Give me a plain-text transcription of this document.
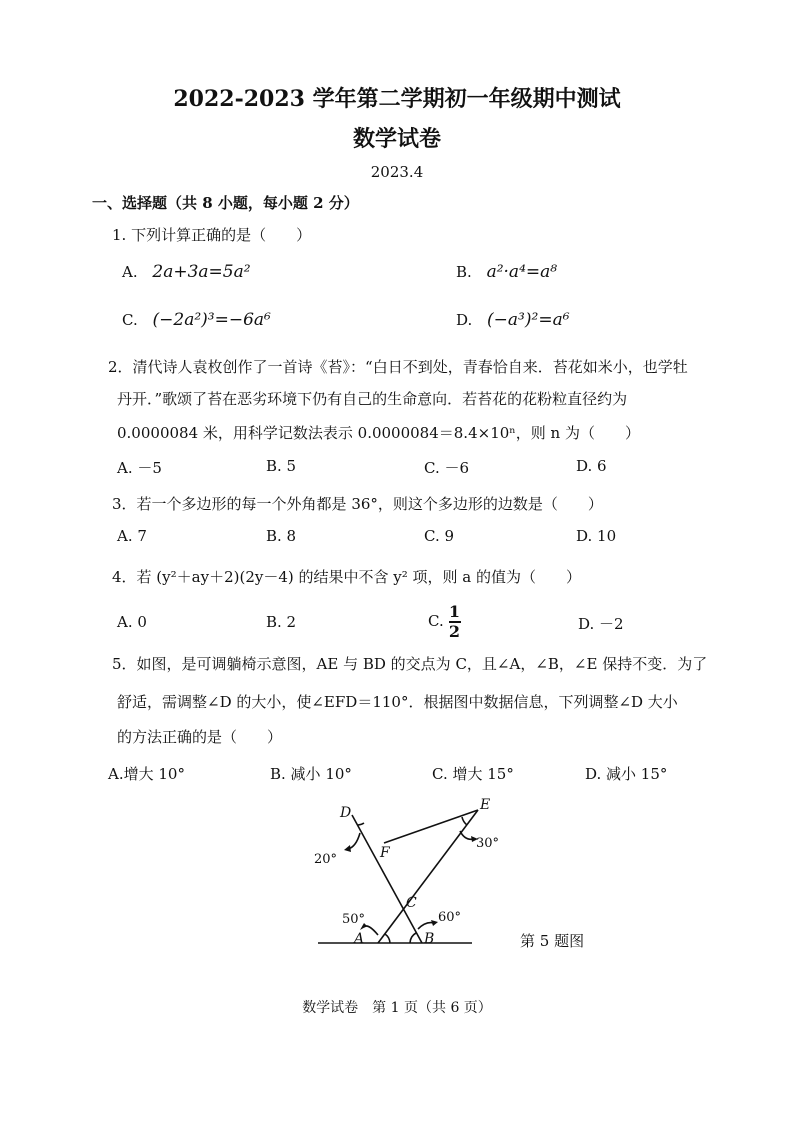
2022-2023 学年第二学期初一年级期中测试
数学试卷
2023.4
一、选择题（共 8 小题，每小题 2 分）
1. 下列计算正确的是（　　）
A. 2a+3a=5a²	B. a²·a⁴=a⁸
C. (−2a²)³=−6a⁶	D. (−a³)²=a⁶
2．清代诗人袁枚创作了一首诗《苔》：“白日不到处，青春恰自来．苔花如米小，也学牡
丹开．”歌颂了苔在恶劣环境下仍有自己的生命意向．若苔花的花粉粒直径约为
0.0000084 米，用科学记数法表示 0.0000084＝8.4×10ⁿ，则 n 为（　　）
A. －5	B. 5	C. －6	D. 6
3．若一个多边形的每一个外角都是 36°，则这个多边形的边数是（　　）
A. 7	B. 8	C. 9	D. 10
4．若 (y²＋ay＋2)(2y－4) 的结果中不含 y² 项，则 a 的值为（　　）
A. 0	B. 2	C. $\frac{1}{2}$	D. －2
5．如图，是可调躺椅示意图，AE 与 BD 的交点为 C，且∠A，∠B，∠E 保持不变．为了
舒适，需调整∠D 的大小，使∠EFD＝110°．根据图中数据信息，下列调整∠D 大小
的方法正确的是（　　）
A.增大 10°	B. 减小 10°	C. 增大 15°	D. 减小 15°
D	E
F
C
A	B
50°	60°
30°
20°
第 5 题图
数学试卷　第 1 页（共 6 页）
